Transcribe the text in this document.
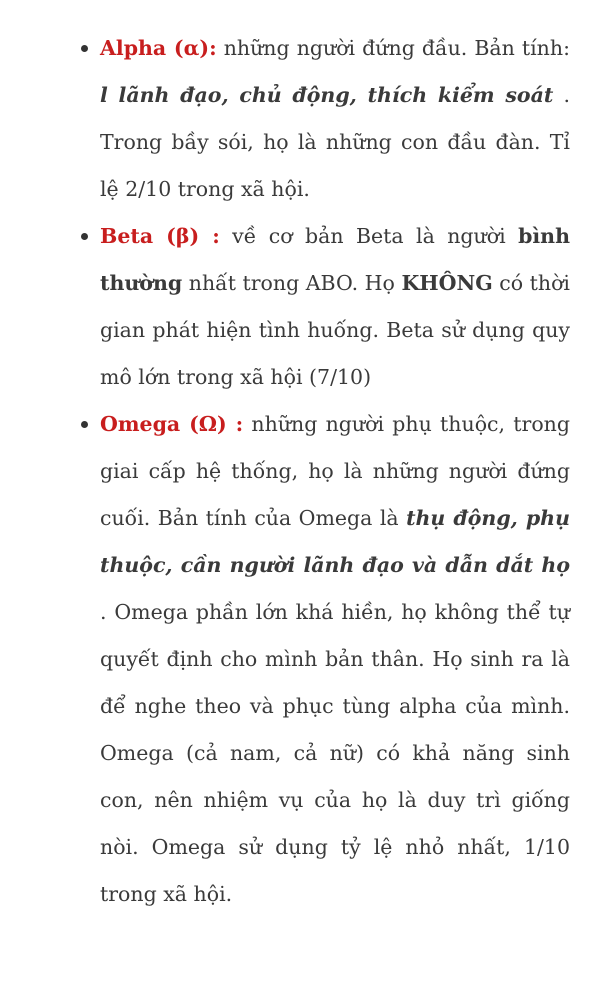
Alpha (α): những người đứng đầu. Bản tính: l lãnh đạo, chủ động, thích kiểm soát . Trong bầy sói, họ là những con đầu đàn. Tỉ lệ 2/10 trong xã hội.
Beta (β) : về cơ bản Beta là người bình thường nhất trong ABO. Họ KHÔNG có thời gian phát hiện tình huống. Beta sử dụng quy mô lớn trong xã hội (7/10)
Omega (Ω) : những người phụ thuộc, trong giai cấp hệ thống, họ là những người đứng cuối. Bản tính của Omega là thụ động, phụ thuộc, cần người lãnh đạo và dẫn dắt họ . Omega phần lớn khá hiền, họ không thể tự quyết định cho mình bản thân. Họ sinh ra là để nghe theo và phục tùng alpha của mình. Omega (cả nam, cả nữ) có khả năng sinh con, nên nhiệm vụ của họ là duy trì giống nòi. Omega sử dụng tỷ lệ nhỏ nhất, 1/10 trong xã hội.
